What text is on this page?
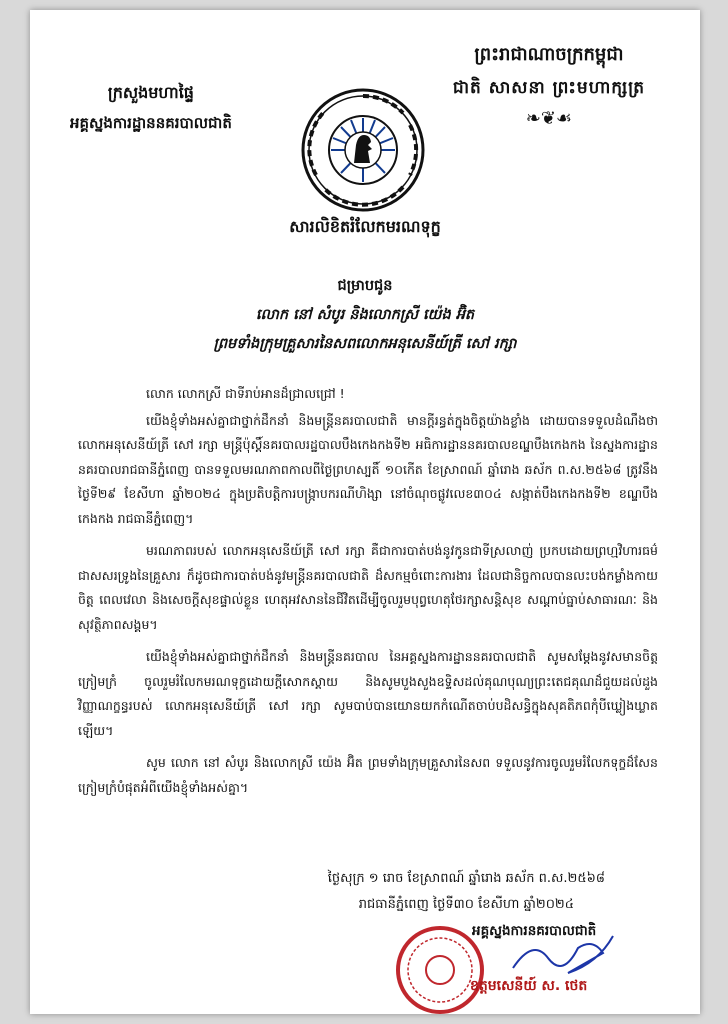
ព្រះរាជាណាចក្រកម្ពុជា
ជាតិ សាសនា ព្រះមហាក្សត្រ
❧❦☙
ក្រសួងមហាផ្ទៃ
អគ្គស្នងការដ្ឋាននគរបាលជាតិ
សារលិខិតរំលែកមរណទុក្ខ
ជម្រាបជូន
លោក នៅ សំបូរ និងលោកស្រី យ៉េង អ៊ិត
ព្រមទាំងក្រុមគ្រួសារនៃសពលោកអនុសេនីយ៍ត្រី សៅ រក្សា

លោក លោកស្រី ជាទីរាប់អានដ៏ជ្រាលជ្រៅ !

យើងខ្ញុំទាំងអស់គ្នាជាថ្នាក់ដឹកនាំ និងមន្ត្រីនគរបាលជាតិ មានក្ដីរន្ធត់ក្នុងចិត្តយ៉ាងខ្លាំង ដោយបានទទួលដំណឹងថា លោកអនុសេនីយ៍ត្រី សៅ រក្សា មន្ត្រីប៉ុស្តិ៍នគរបាលរដ្ឋបាលបឹងកេងកងទី២ អធិការដ្ឋាននគរបាលខណ្ឌបឹងកេងកង នៃស្នងការដ្ឋាននគរបាលរាជធានីភ្នំពេញ បានទទួលមរណភាពកាលពីថ្ងៃព្រហស្បតិ៍ ១០កើត ខែស្រាពណ៍ ឆ្នាំរោង ឆស័ក ព.ស.២៥៦៨ ត្រូវនឹងថ្ងៃទី២៩ ខែសីហា ឆ្នាំ២០២៤ ក្នុងប្រតិបត្តិការបង្ក្រាបករណីហិង្សា នៅចំណុចផ្លូវលេខ៣០៤ សង្កាត់បឹងកេងកងទី២ ខណ្ឌបឹងកេងកង រាជធានីភ្នំពេញ។

មរណភាពរបស់ លោកអនុសេនីយ៍ត្រី សៅ រក្សា គឺជាការបាត់បង់នូវកូនជាទីស្រលាញ់ ប្រកបដោយព្រហ្មវិហារធម៌ ជាសសរទ្រូងនៃគ្រួសារ ក៏ដូចជាការបាត់បង់នូវមន្ត្រីនគរបាលជាតិ ដ៏សកម្មចំពោះការងារ ដែលជានិច្ចកាលបានលះបង់កម្លាំងកាយចិត្ត ពេលវេលា និងសេចក្ដីសុខផ្ទាល់ខ្លួន ហេតុអវសាននៃជីវិតដើម្បីចូលរួមបុព្វហេតុថែរក្សាសន្តិសុខ សណ្ដាប់ធ្នាប់សាធារណៈ និងសុវត្ថិភាពសង្គម។

យើងខ្ញុំទាំងអស់គ្នាជាថ្នាក់ដឹកនាំ និងមន្ត្រីនគរបាល នៃអគ្គស្នងការដ្ឋាននគរបាលជាតិ សូមសម្ដែងនូវសមានចិត្តក្រៀមក្រំ ចូលរួមរំលែកមរណទុក្ខដោយក្ដីសោកស្ដាយ និងសូមបួងសួងឧទ្ទិសដល់គុណបុណ្យព្រះតេជគុណដ៏ជួយដល់ដួងវិញ្ញាណក្ខន្ធរបស់ លោកអនុសេនីយ៍ត្រី សៅ រក្សា សូមបាប់បានយោនយកកំណើតចាប់បដិសន្ធិក្នុងសុគតិភពកុំបីឃ្លៀងឃ្លាតឡើយ។

សូម លោក នៅ សំបូរ និងលោកស្រី យ៉េង អ៊ិត ព្រមទាំងក្រុមគ្រួសារនៃសព ទទួលនូវការចូលរួមរំលែកទុក្ខដ៏សែនក្រៀមក្រំបំផុតអំពីយើងខ្ញុំទាំងអស់គ្នា។

ថ្ងៃសុក្រ ១ រោច ខែស្រាពណ៍ ឆ្នាំរោង ឆស័ក ព.ស.២៥៦៨
រាជធានីភ្នំពេញ ថ្ងៃទី៣០ ខែសីហា ឆ្នាំ២០២៤
អគ្គស្នងការនគរបាលជាតិ
ឧត្តមសេនីយ៍ ស. ថេត
